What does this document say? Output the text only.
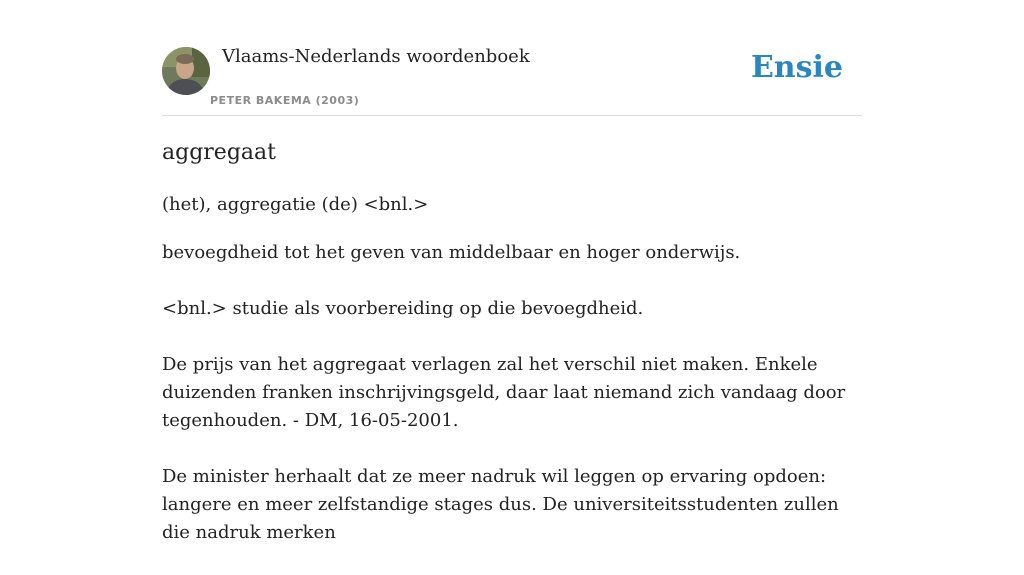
Vlaams-Nederlands woordenboek
PETER BAKEMA (2003)
Ensie
aggregaat
(het), aggregatie (de) <bnl.>

bevoegdheid tot het geven van middelbaar en hoger onderwijs.

<bnl.> studie als voorbereiding op die bevoegdheid.

De prijs van het aggregaat verlagen zal het verschil niet maken. Enkele duizenden franken inschrijvingsgeld, daar laat niemand zich vandaag door tegenhouden. - DM, 16-05-2001.

De minister herhaalt dat ze meer nadruk wil leggen op ervaring opdoen: langere en meer zelfstandige stages dus. De universiteitsstudenten zullen die nadruk merken
